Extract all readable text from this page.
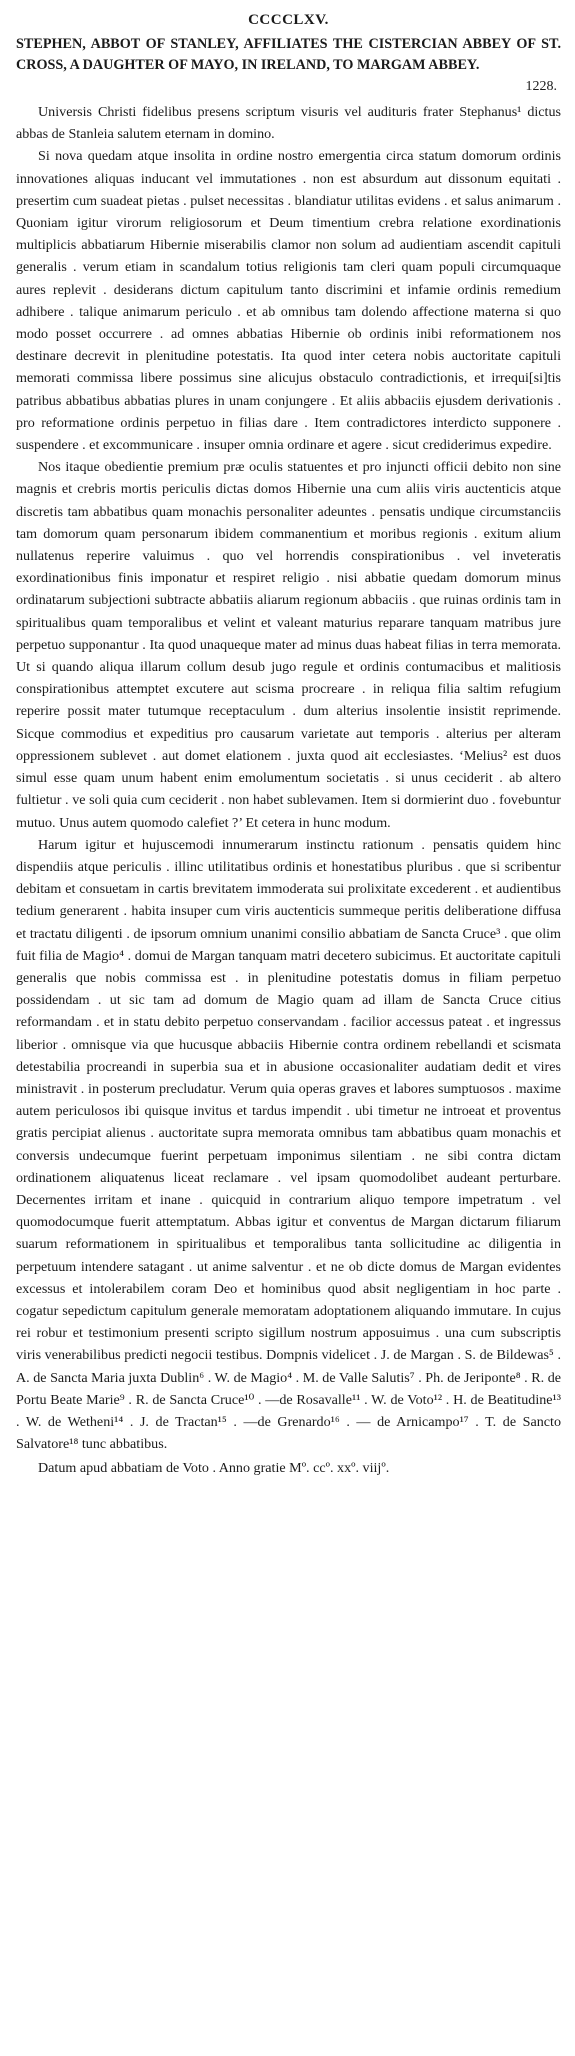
CCCCLXV.
STEPHEN, ABBOT OF STANLEY, AFFILIATES THE CISTERCIAN ABBEY OF ST. CROSS, A DAUGHTER OF MAYO, IN IRELAND, TO MARGAM ABBEY.
1228.

Universis Christi fidelibus presens scriptum visuris vel audituris frater Stephanus¹ dictus abbas de Stanleia salutem eternam in domino.

Si nova quedam atque insolita in ordine nostro emergentia circa statum domorum ordinis innovationes aliquas inducant vel immutationes . non est absurdum aut dissonum equitati . presertim cum suadeat pietas . pulset necessitas . blandiatur utilitas evidens . et salus animarum . Quoniam igitur virorum religiosorum et Deum timentium crebra relatione exordinationis multiplicis abbatiarum Hibernie miserabilis clamor non solum ad audientiam ascendit capituli generalis . verum etiam in scandalum totius religionis tam cleri quam populi circumquaque aures replevit . desiderans dictum capitulum tanto discrimini et infamie ordinis remedium adhibere . talique animarum periculo . et ab omnibus tam dolendo affectione materna si quo modo posset occurrere . ad omnes abbatias Hibernie ob ordinis inibi reformationem nos destinare decrevit in plenitudine potestatis. Ita quod inter cetera nobis auctoritate capituli memorati commissa libere possimus sine alicujus obstaculo contradictionis, et irrequi[si]tis patribus abbatibus abbatias plures in unam conjungere . Et aliis abbaciis ejusdem derivationis . pro reformatione ordinis perpetuo in filias dare . Item contradictores interdicto supponere . suspendere . et excommunicare . insuper omnia ordinare et agere . sicut crediderimus expedire.

Nos itaque obedientie premium præ oculis statuentes et pro injuncti officii debito non sine magnis et crebris mortis periculis dictas domos Hibernie una cum aliis viris auctenticis atque discretis tam abbatibus quam monachis personaliter adeuntes . pensatis undique circumstanciis tam domorum quam personarum ibidem commanentium et moribus regionis . exitum alium nullatenus reperire valuimus . quo vel horrendis conspirationibus . vel inveteratis exordinationibus finis imponatur et respiret religio . nisi abbatie quedam domorum minus ordinatarum subjectioni subtracte abbatiis aliarum regionum abbaciis . que ruinas ordinis tam in spiritualibus quam temporalibus et velint et valeant maturius reparare tanquam matribus jure perpetuo supponantur . Ita quod unaqueque mater ad minus duas habeat filias in terra memorata. Ut si quando aliqua illarum collum desub jugo regule et ordinis contumacibus et malitiosis conspirationibus attemptet excutere aut scisma procreare . in reliqua filia saltim refugium reperire possit mater tutumque receptaculum . dum alterius insolentie insistit reprimende. Sicque commodius et expeditius pro causarum varietate aut temporis . alterius per alteram oppressionem sublevet . aut domet elationem . juxta quod ait ecclesiastes. ‘Melius² est duos simul esse quam unum habent enim emolumentum societatis . si unus ceciderit . ab altero fultietur . ve soli quia cum ceciderit . non habet sublevamen. Item si dormierint duo . fovebuntur mutuo. Unus autem quomodo calefiet ?’ Et cetera in hunc modum.

Harum igitur et hujuscemodi innumerarum instinctu rationum . pensatis quidem hinc dispendiis atque periculis . illinc utilitatibus ordinis et honestatibus pluribus . que si scribentur debitam et consuetam in cartis brevitatem immoderata sui prolixitate excederent . et audientibus tedium generarent . habita insuper cum viris auctenticis summeque peritis deliberatione diffusa et tractatu diligenti . de ipsorum omnium unanimi consilio abbatiam de Sancta Cruce³ . que olim fuit filia de Magio⁴ . domui de Margan tanquam matri decetero subicimus. Et auctoritate capituli generalis que nobis commissa est . in plenitudine potestatis domus in filiam perpetuo possidendam . ut sic tam ad domum de Magio quam ad illam de Sancta Cruce citius reformandam . et in statu debito perpetuo conservandam . facilior accessus pateat . et ingressus liberior . omnisque via que hucusque abbaciis Hibernie contra ordinem rebellandi et scismata detestabilia procreandi in superbia sua et in abusione occasionaliter audatiam dedit et vires ministravit . in posterum precludatur. Verum quia operas graves et labores sumptuosos . maxime autem periculosos ibi quisque invitus et tardus impendit . ubi timetur ne introeat et proventus gratis percipiat alienus . auctoritate supra memorata omnibus tam abbatibus quam monachis et conversis undecumque fuerint perpetuam imponimus silentiam . ne sibi contra dictam ordinationem aliquatenus liceat reclamare . vel ipsam quomodolibet audeant perturbare. Decernentes irritam et inane . quicquid in contrarium aliquo tempore impetratum . vel quomodocumque fuerit attemptatum. Abbas igitur et conventus de Margan dictarum filiarum suarum reformationem in spiritualibus et temporalibus tanta sollicitudine ac diligentia in perpetuum intendere satagant . ut anime salventur . et ne ob dicte domus de Margan evidentes excessus et intolerabilem coram Deo et hominibus quod absit negligentiam in hoc parte . cogatur sepedictum capitulum generale memoratam adoptationem aliquando immutare. In cujus rei robur et testimonium presenti scripto sigillum nostrum apposuimus . una cum subscriptis viris venerabilibus predicti negocii testibus. Dompnis videlicet . J. de Margan . S. de Bildewas⁵ . A. de Sancta Maria juxta Dublin⁶ . W. de Magio⁴ . M. de Valle Salutis⁷ . Ph. de Jeriponte⁸ . R. de Portu Beate Marie⁹ . R. de Sancta Cruce¹⁰ . —de Rosavalle¹¹ . W. de Voto¹² . H. de Beatitudine¹³ . W. de Wetheni¹⁴ . J. de Tractan¹⁵ . —de Grenardo¹⁶ . — de Arnicampo¹⁷ . T. de Sancto Salvatore¹⁸ tunc abbatibus.

Datum apud abbatiam de Voto . Anno gratie Mº. ccº. xxº. viijº.
